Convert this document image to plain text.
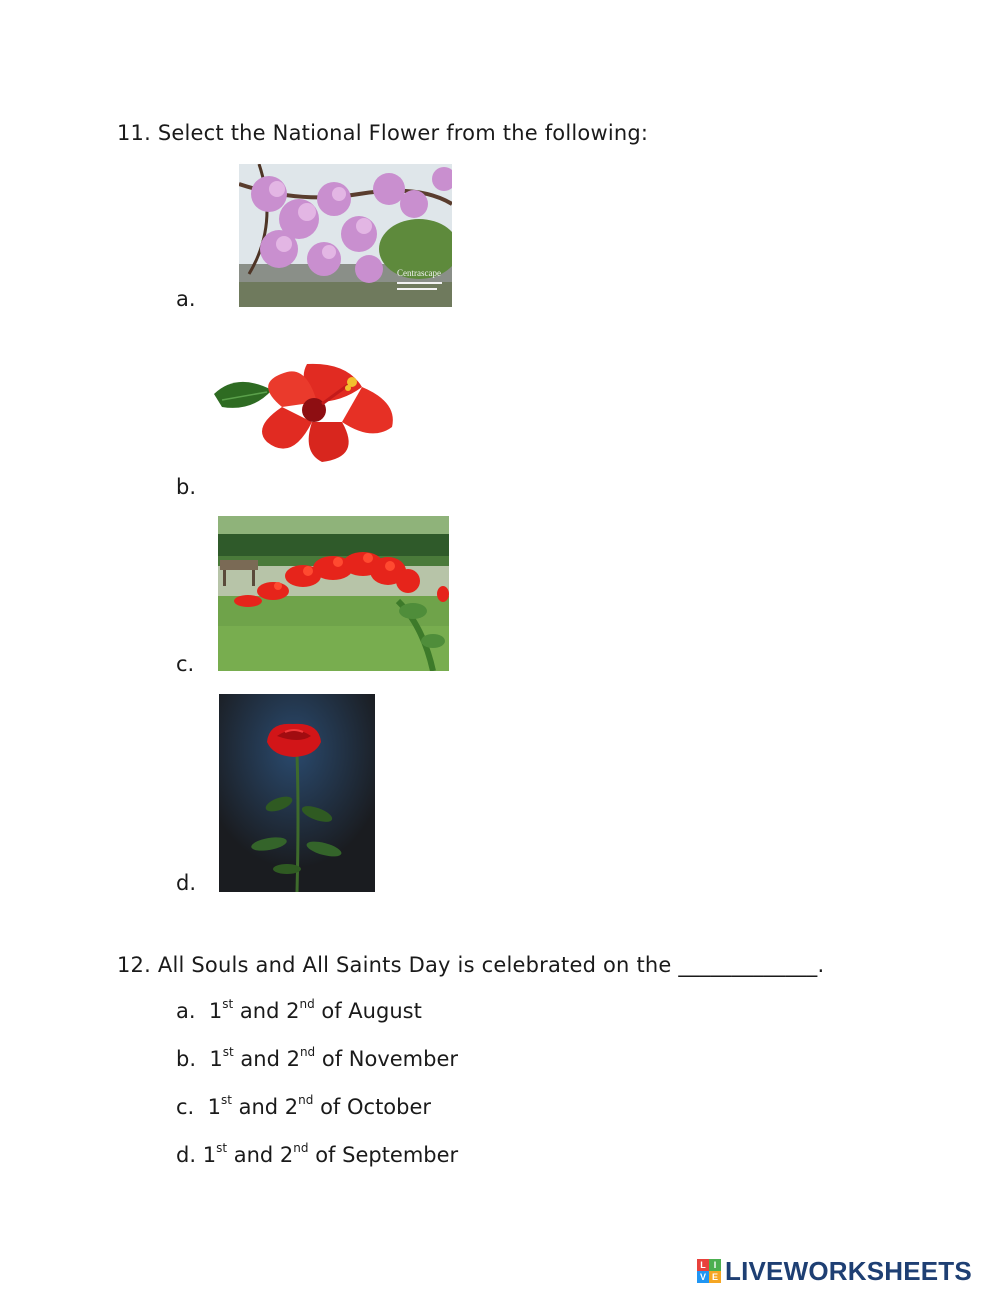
11. Select the National Flower from the following:
a.
Centrascape
b.
c.
d.
12. All Souls and All Saints Day is celebrated on the _____________.
a. 1st and 2nd of August
b. 1st and 2nd of November
c. 1st and 2nd of October
d. 1st and 2nd of September
L I
V E LIVEWORKSHEETS
